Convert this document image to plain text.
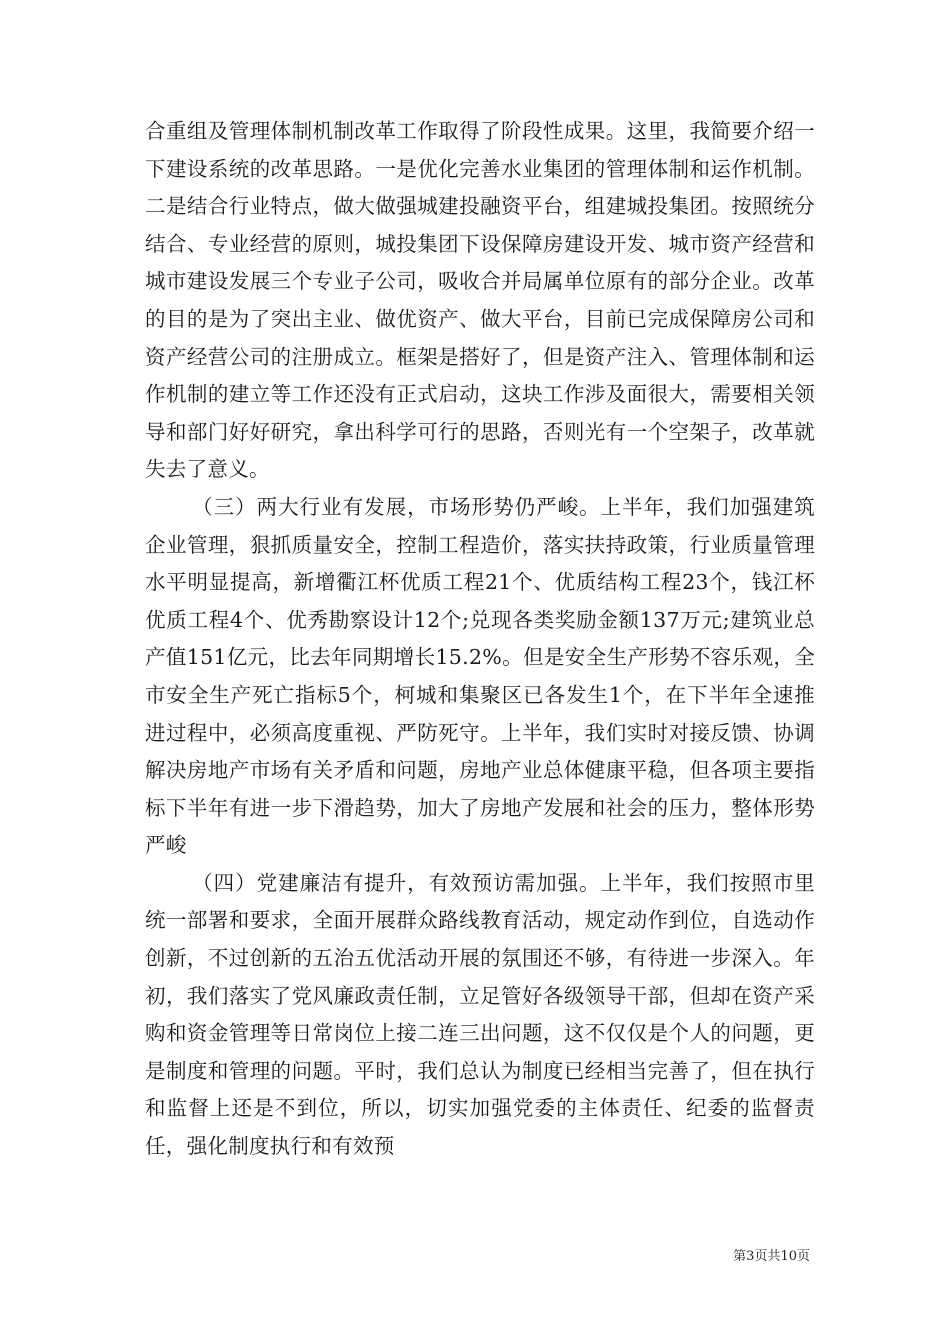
合重组及管理体制机制改革工作取得了阶段性成果。这里，我简要介绍一下建设系统的改革思路。一是优化完善水业集团的管理体制和运作机制。二是结合行业特点，做大做强城建投融资平台，组建城投集团。按照统分结合、专业经营的原则，城投集团下设保障房建设开发、城市资产经营和城市建设发展三个专业子公司，吸收合并局属单位原有的部分企业。改革的目的是为了突出主业、做优资产、做大平台，目前已完成保障房公司和资产经营公司的注册成立。框架是搭好了，但是资产注入、管理体制和运作机制的建立等工作还没有正式启动，这块工作涉及面很大，需要相关领导和部门好好研究，拿出科学可行的思路，否则光有一个空架子，改革就失去了意义。

（三）两大行业有发展，市场形势仍严峻。上半年，我们加强建筑企业管理，狠抓质量安全，控制工程造价，落实扶持政策，行业质量管理水平明显提高，新增衢江杯优质工程21个、优质结构工程23个，钱江杯优质工程4个、优秀勘察设计12个;兑现各类奖励金额137万元;建筑业总产值151亿元，比去年同期增长15.2%。但是安全生产形势不容乐观，全市安全生产死亡指标5个，柯城和集聚区已各发生1个，在下半年全速推进过程中，必须高度重视、严防死守。上半年，我们实时对接反馈、协调解决房地产市场有关矛盾和问题，房地产业总体健康平稳，但各项主要指标下半年有进一步下滑趋势，加大了房地产发展和社会的压力，整体形势严峻

（四）党建廉洁有提升，有效预访需加强。上半年，我们按照市里统一部署和要求，全面开展群众路线教育活动，规定动作到位，自选动作创新，不过创新的五治五优活动开展的氛围还不够，有待进一步深入。年初，我们落实了党风廉政责任制，立足管好各级领导干部，但却在资产采购和资金管理等日常岗位上接二连三出问题，这不仅仅是个人的问题，更是制度和管理的问题。平时，我们总认为制度已经相当完善了，但在执行和监督上还是不到位，所以，切实加强党委的主体责任、纪委的监督责任，强化制度执行和有效预

第3页共10页
